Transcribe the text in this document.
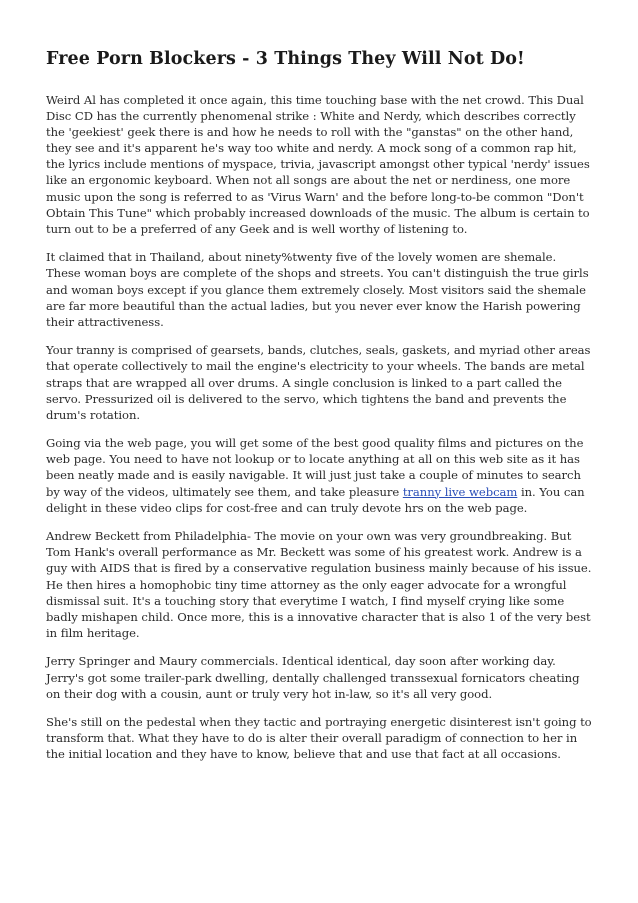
Free Porn Blockers - 3 Things They Will Not Do!

Weird Al has completed it once again, this time touching base with the net crowd. This Dual Disc CD has the currently phenomenal strike : White and Nerdy, which describes correctly the 'geekiest' geek there is and how he needs to roll with the "ganstas" on the other hand, they see and it's apparent he's way too white and nerdy. A mock song of a common rap hit, the lyrics include mentions of myspace, trivia, javascript amongst other typical 'nerdy' issues like an ergonomic keyboard. When not all songs are about the net or nerdiness, one more music upon the song is referred to as 'Virus Warn' and the before long-to-be common "Don't Obtain This Tune" which probably increased downloads of the music. The album is certain to turn out to be a preferred of any Geek and is well worthy of listening to.

It claimed that in Thailand, about ninety%twenty five of the lovely women are shemale. These woman boys are complete of the shops and streets. You can't distinguish the true girls and woman boys except if you glance them extremely closely. Most visitors said the shemale are far more beautiful than the actual ladies, but you never ever know the Harish powering their attractiveness.

Your tranny is comprised of gearsets, bands, clutches, seals, gaskets, and myriad other areas that operate collectively to mail the engine's electricity to your wheels. The bands are metal straps that are wrapped all over drums. A single conclusion is linked to a part called the servo. Pressurized oil is delivered to the servo, which tightens the band and prevents the drum's rotation.

Going via the web page, you will get some of the best good quality films and pictures on the web page. You need to have not lookup or to locate anything at all on this web site as it has been neatly made and is easily navigable. It will just just take a couple of minutes to search by way of the videos, ultimately see them, and take pleasure tranny live webcam in. You can delight in these video clips for cost-free and can truly devote hrs on the web page.

Andrew Beckett from Philadelphia- The movie on your own was very groundbreaking. But Tom Hank's overall performance as Mr. Beckett was some of his greatest work. Andrew is a guy with AIDS that is fired by a conservative regulation business mainly because of his issue. He then hires a homophobic tiny time attorney as the only eager advocate for a wrongful dismissal suit. It's a touching story that everytime I watch, I find myself crying like some badly mishapen child. Once more, this is a innovative character that is also 1 of the very best in film heritage.

Jerry Springer and Maury commercials. Identical identical, day soon after working day. Jerry's got some trailer-park dwelling, dentally challenged transsexual fornicators cheating on their dog with a cousin, aunt or truly very hot in-law, so it's all very good.

She's still on the pedestal when they tactic and portraying energetic disinterest isn't going to transform that. What they have to do is alter their overall paradigm of connection to her in the initial location and they have to know, believe that and use that fact at all occasions.
